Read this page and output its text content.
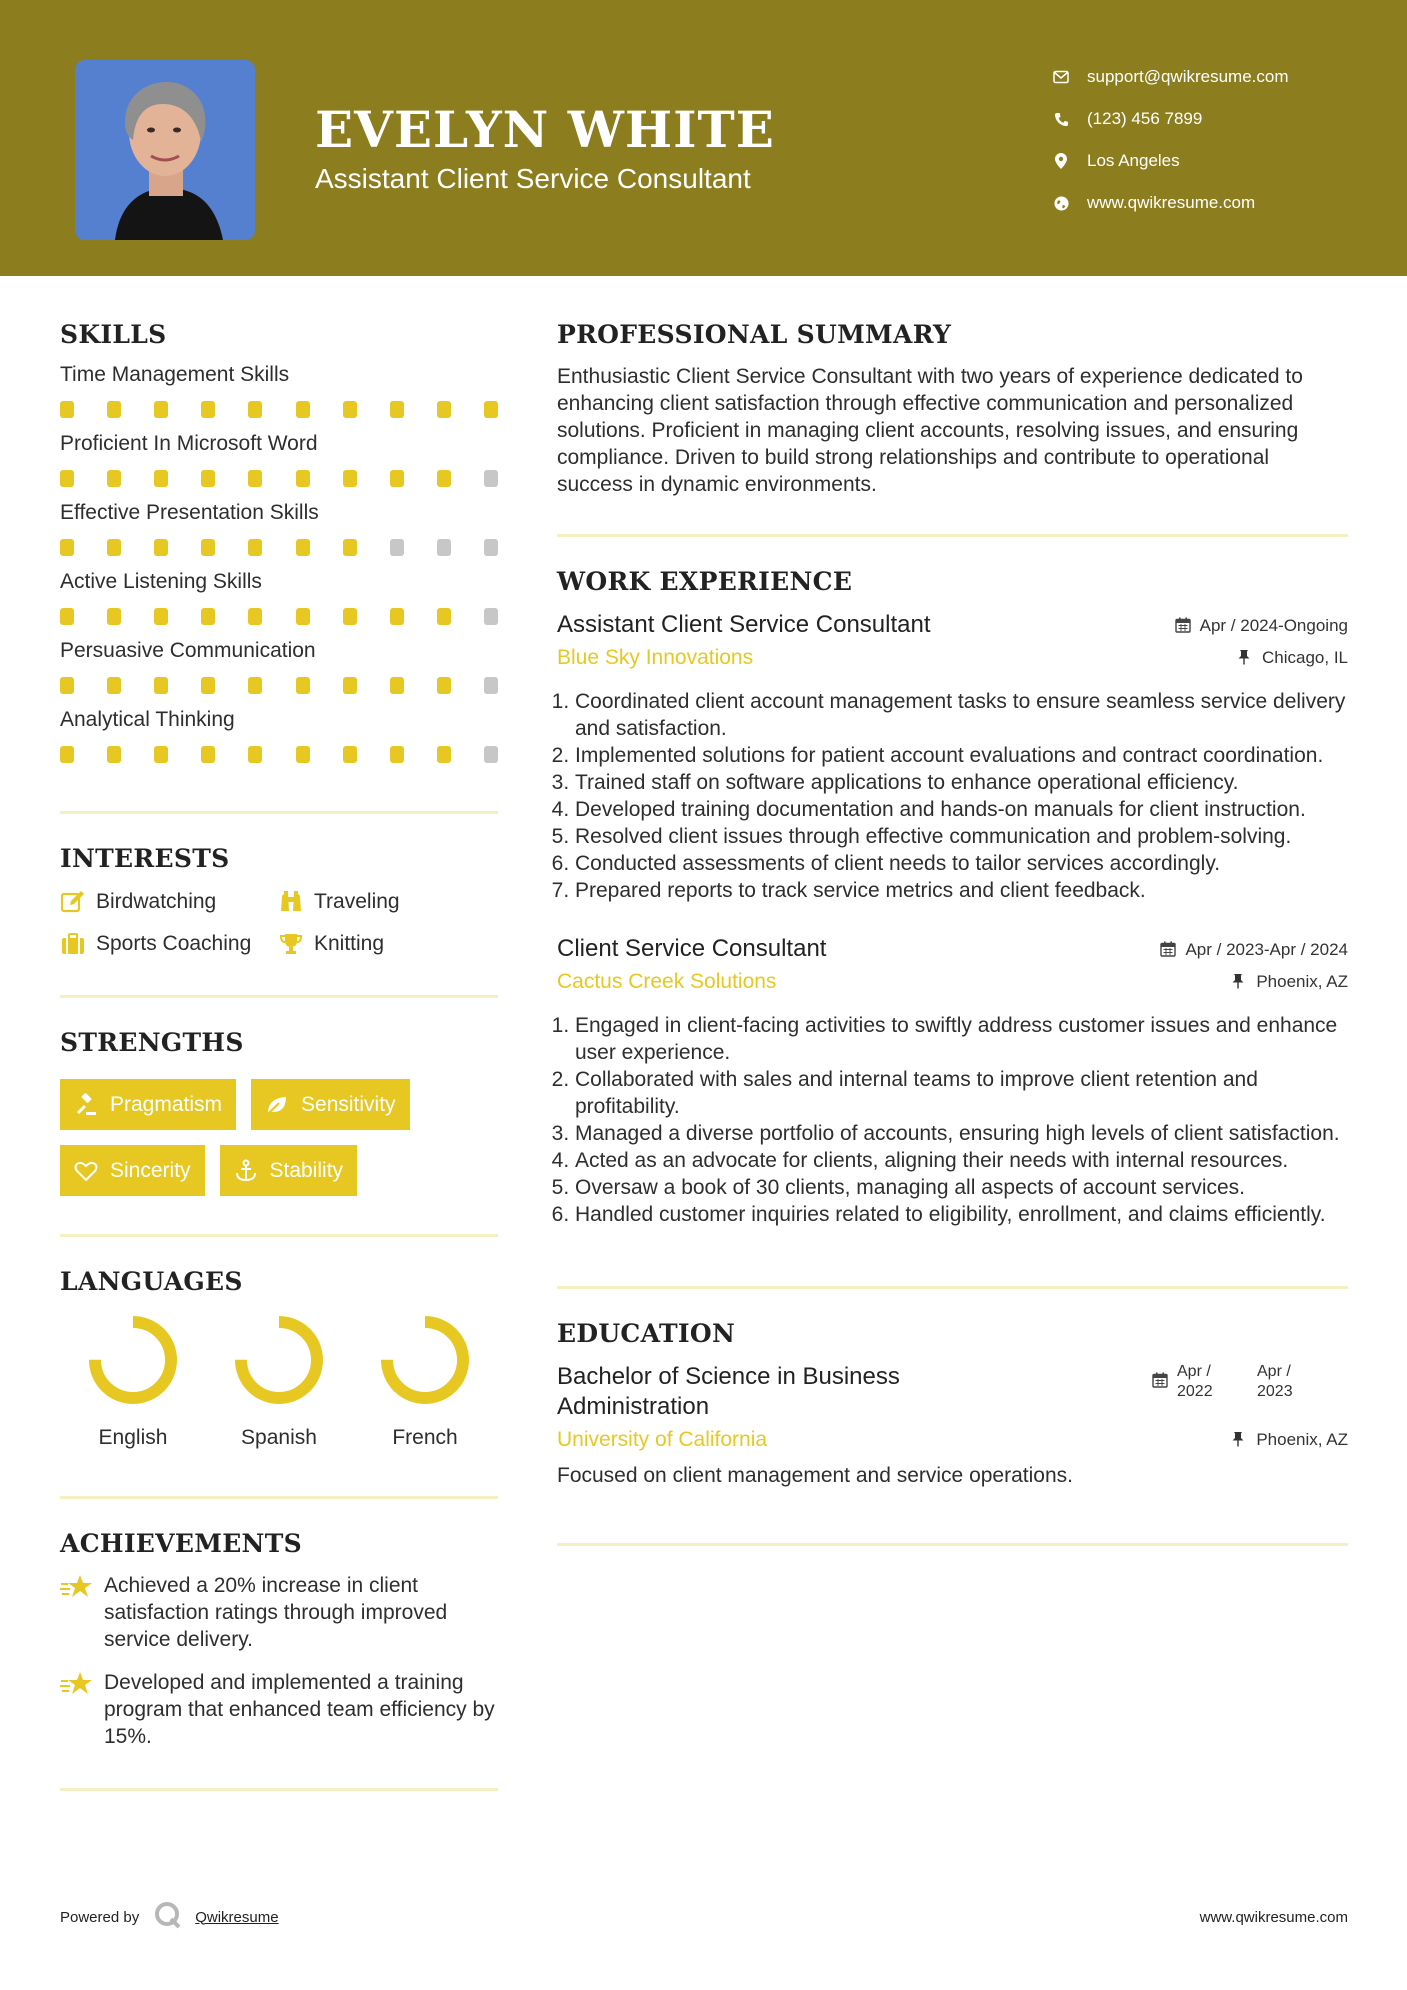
EVELYN WHITE
Assistant Client Service Consultant
support@qwikresume.com
(123) 456 7899
Los Angeles
www.qwikresume.com
SKILLS
Time Management Skills
Proficient In Microsoft Word
Effective Presentation Skills
Active Listening Skills
Persuasive Communication
Analytical Thinking
INTERESTS
Birdwatching	Traveling
Sports Coaching	Knitting
STRENGTHS
Pragmatism	Sensitivity
Sincerity	Stability
LANGUAGES
English	Spanish	French
ACHIEVEMENTS
Achieved a 20% increase in client satisfaction ratings through improved service delivery.
Developed and implemented a training program that enhanced team efficiency by 15%.
PROFESSIONAL SUMMARY
Enthusiastic Client Service Consultant with two years of experience dedicated to enhancing client satisfaction through effective communication and personalized solutions. Proficient in managing client accounts, resolving issues, and ensuring compliance. Driven to build strong relationships and contribute to operational success in dynamic environments.
WORK EXPERIENCE
Assistant Client Service Consultant	Apr / 2024-Ongoing
Blue Sky Innovations	Chicago, IL
1. Coordinated client account management tasks to ensure seamless service delivery and satisfaction.
2. Implemented solutions for patient account evaluations and contract coordination.
3. Trained staff on software applications to enhance operational efficiency.
4. Developed training documentation and hands-on manuals for client instruction.
5. Resolved client issues through effective communication and problem-solving.
6. Conducted assessments of client needs to tailor services accordingly.
7. Prepared reports to track service metrics and client feedback.
Client Service Consultant	Apr / 2023-Apr / 2024
Cactus Creek Solutions	Phoenix, AZ
1. Engaged in client-facing activities to swiftly address customer issues and enhance user experience.
2. Collaborated with sales and internal teams to improve client retention and profitability.
3. Managed a diverse portfolio of accounts, ensuring high levels of client satisfaction.
4. Acted as an advocate for clients, aligning their needs with internal resources.
5. Oversaw a book of 30 clients, managing all aspects of account services.
6. Handled customer inquiries related to eligibility, enrollment, and claims efficiently.
EDUCATION
Bachelor of Science in Business Administration
Apr /
2022
Apr /
2023
University of California	Phoenix, AZ
Focused on client management and service operations.
Powered by	Qwikresume	www.qwikresume.com
